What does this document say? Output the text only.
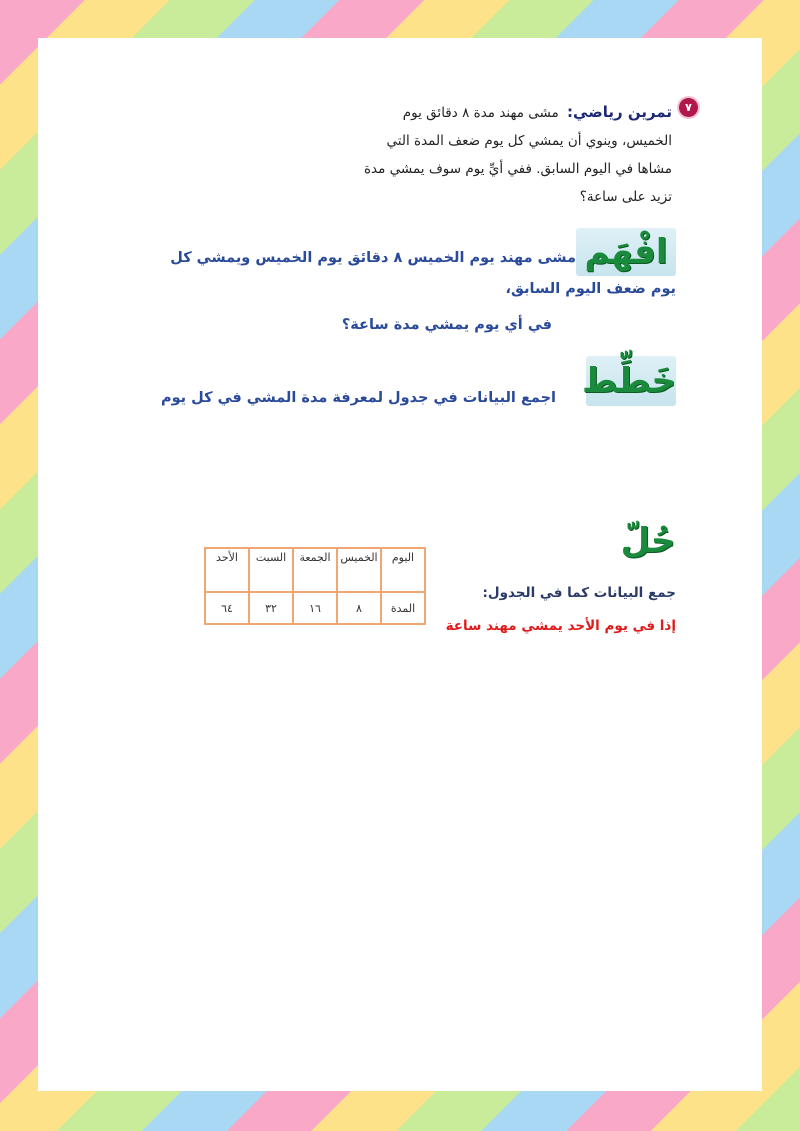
٧
تمرين رياضي: مشى مهند مدة ٨ دقائق يوم الخميس، وينوي أن يمشي كل يوم ضعف المدة التي مشاها في اليوم السابق. ففي أيِّ يوم سوف يمشي مدة تزيد على ساعة؟
افْهَم
مشى مهند يوم الخميس ٨ دقائق يوم الخميس ويمشي كل
يوم ضعف اليوم السابق،
في أي يوم يمشي مدة ساعة؟
خَطِّط
اجمع البيانات في جدول لمعرفة مدة المشي في كل يوم
حُلّ
جمع البيانات كما في الجدول:
إذا في يوم الأحد يمشي مهند ساعة
اليوم	الخميس	الجمعة	السبت	الأحد
المدة	٨	١٦	٣٢	٦٤
